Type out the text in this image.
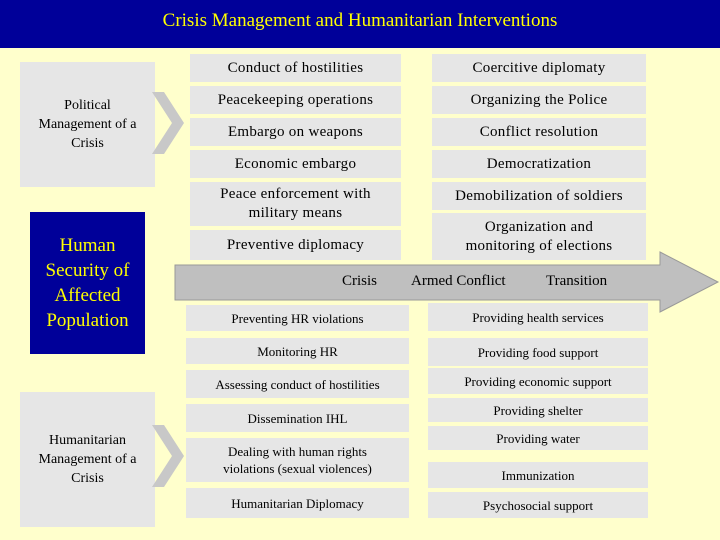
Crisis Management and Humanitarian Interventions
Political Management of a Crisis
Human Security of Affected Population
Humanitarian Management of a Crisis
Conduct of hostilities
Peacekeeping operations
Embargo on weapons
Economic embargo
Peace enforcement with military means
Preventive diplomacy
Coercitive diplomaty
Organizing the Police
Conflict resolution
Democratization
Demobilization of soldiers
Organization and monitoring of elections
Crisis Armed Conflict	Transition
Preventing HR violations
Monitoring HR
Assessing conduct of hostilities
Dissemination IHL
Dealing with human rights violations (sexual violences)
Humanitarian Diplomacy
Providing health services
Providing food support
Providing economic support
Providing shelter
Providing water
Immunization
Psychosocial support
